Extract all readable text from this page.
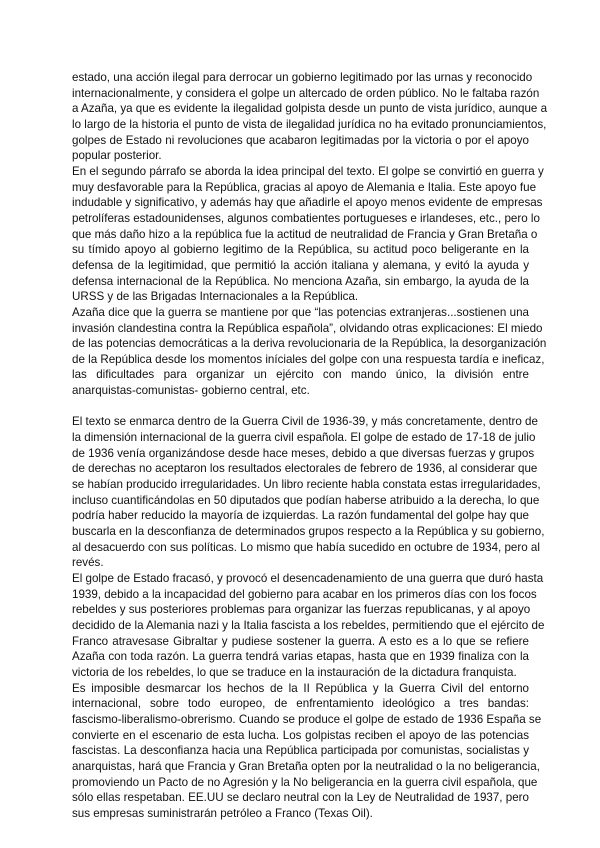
estado, una acción ilegal para derrocar un gobierno legitimado por las urnas y reconocido
internacionalmente, y considera el golpe un altercado de orden público. No le faltaba razón
a Azaña, ya que es evidente la ilegalidad golpista desde un punto de vista jurídico, aunque a
lo largo de la historia el punto de vista de ilegalidad jurídica no ha evitado pronunciamientos,
golpes de Estado ni revoluciones que acabaron legitimadas por la victoria o por el apoyo
popular posterior.
En el segundo párrafo se aborda la idea principal del texto. El golpe se convirtió en guerra y
muy desfavorable para la República, gracias al apoyo de Alemania e Italia. Este apoyo fue
indudable y significativo, y además hay que añadirle el apoyo menos evidente de empresas
petrolíferas estadounidenses, algunos combatientes portugueses e irlandeses, etc., pero lo
que más daño hizo a la república fue la actitud de neutralidad de Francia y Gran Bretaña o
su tímido apoyo al gobierno legitimo de la República, su actitud poco beligerante en la
defensa de la legitimidad, que permitió la acción italiana y alemana, y evitó la ayuda y
defensa internacional de la República. No menciona Azaña, sin embargo, la ayuda de la
URSS y de las Brigadas Internacionales a la República.
Azaña dice que la guerra se mantiene por que “las potencias extranjeras...sostienen una
invasión clandestina contra la República española”, olvidando otras explicaciones: El miedo
de las potencias democráticas a la deriva revolucionaria de la República, la desorganización
de la República desde los momentos iníciales del golpe con una respuesta tardía e ineficaz,
las dificultades para organizar un ejército con mando único, la división entre
anarquistas-comunistas- gobierno central, etc.
El texto se enmarca dentro de la Guerra Civil de 1936-39, y más concretamente, dentro de
la dimensión internacional de la guerra civil española. El golpe de estado de 17-18 de julio
de 1936 venía organizándose desde hace meses, debido a que diversas fuerzas y grupos
de derechas no aceptaron los resultados electorales de febrero de 1936, al considerar que
se habían producido irregularidades. Un libro reciente habla constata estas irregularidades,
incluso cuantificándolas en 50 diputados que podían haberse atribuido a la derecha, lo que
podría haber reducido la mayoría de izquierdas. La razón fundamental del golpe hay que
buscarla en la desconfianza de determinados grupos respecto a la República y su gobierno,
al desacuerdo con sus políticas. Lo mismo que había sucedido en octubre de 1934, pero al
revés.
El golpe de Estado fracasó, y provocó el desencadenamiento de una guerra que duró hasta
1939, debido a la incapacidad del gobierno para acabar en los primeros días con los focos
rebeldes y sus posteriores problemas para organizar las fuerzas republicanas, y al apoyo
decidido de la Alemania nazi y la Italia fascista a los rebeldes, permitiendo que el ejército de
Franco atravesase Gibraltar y pudiese sostener la guerra. A esto es a lo que se refiere
Azaña con toda razón. La guerra tendrá varias etapas, hasta que en 1939 finaliza con la
victoria de los rebeldes, lo que se traduce en la instauración de la dictadura franquista.
Es imposible desmarcar los hechos de la II República y la Guerra Civil del entorno
internacional, sobre todo europeo, de enfrentamiento ideológico a tres bandas:
fascismo-liberalismo-obrerismo. Cuando se produce el golpe de estado de 1936 España se
convierte en el escenario de esta lucha. Los golpistas reciben el apoyo de las potencias
fascistas. La desconfianza hacia una República participada por comunistas, socialistas y
anarquistas, hará que Francia y Gran Bretaña opten por la neutralidad o la no beligerancia,
promoviendo un Pacto de no Agresión y la No beligerancia en la guerra civil española, que
sólo ellas respetaban. EE.UU se declaro neutral con la Ley de Neutralidad de 1937, pero
sus empresas suministrarán petróleo a Franco (Texas Oil).
